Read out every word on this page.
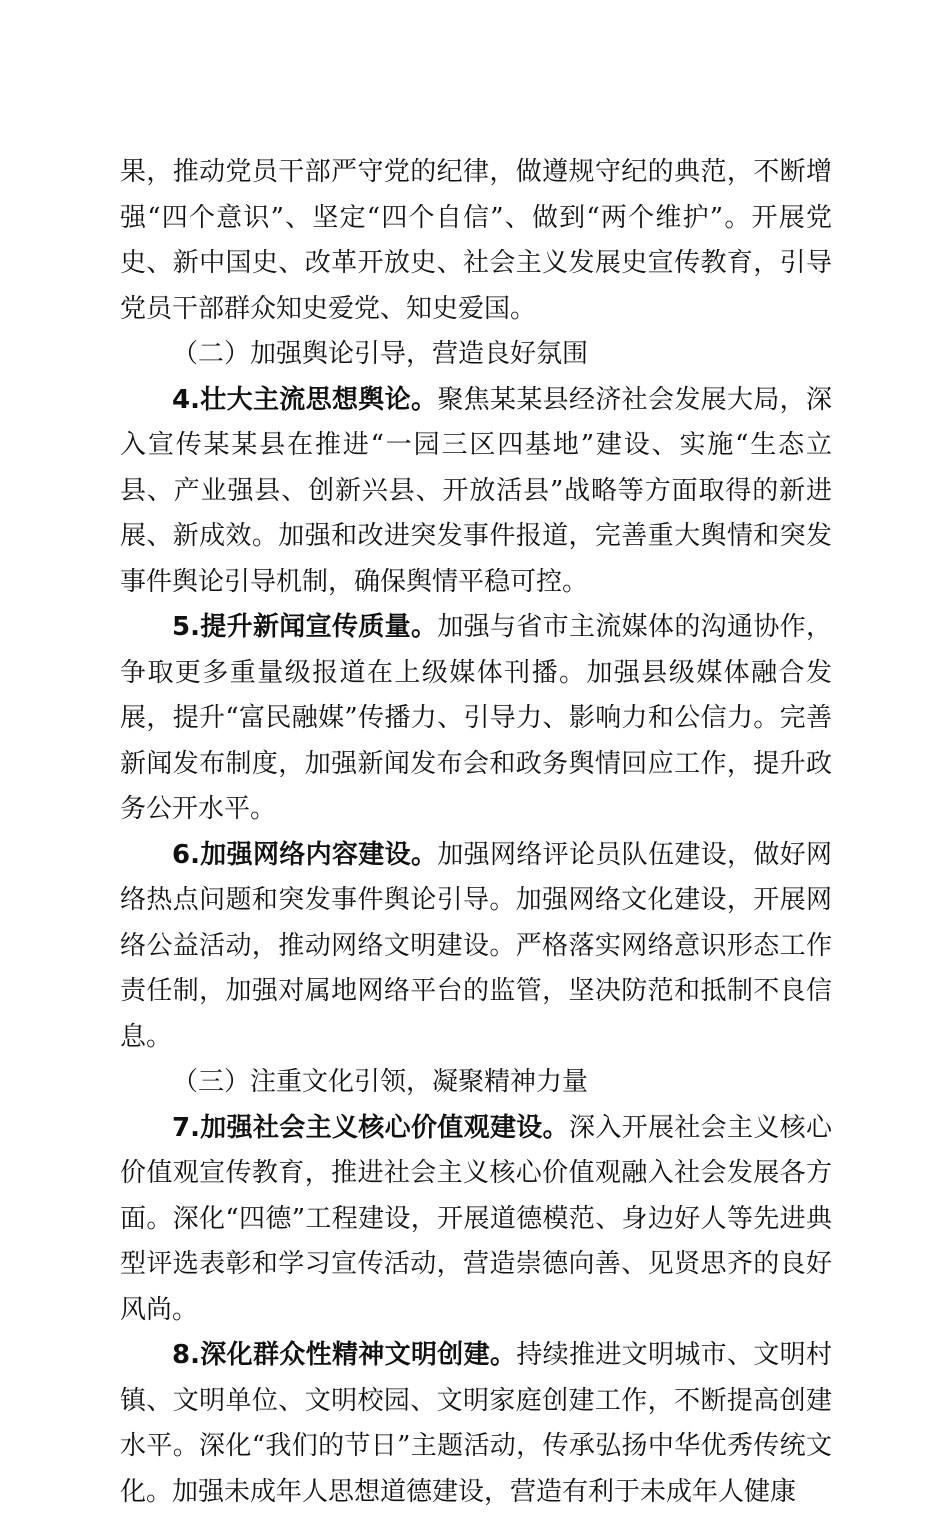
果，推动党员干部严守党的纪律，做遵规守纪的典范，不断增强“四个意识”、坚定“四个自信”、做到“两个维护”。开展党史、新中国史、改革开放史、社会主义发展史宣传教育，引导党员干部群众知史爱党、知史爱国。

（二）加强舆论引导，营造良好氛围

4.壮大主流思想舆论。聚焦某某县经济社会发展大局，深入宣传某某县在推进“一园三区四基地”建设、实施“生态立县、产业强县、创新兴县、开放活县”战略等方面取得的新进展、新成效。加强和改进突发事件报道，完善重大舆情和突发事件舆论引导机制，确保舆情平稳可控。

5.提升新闻宣传质量。加强与省市主流媒体的沟通协作，争取更多重量级报道在上级媒体刊播。加强县级媒体融合发展，提升“富民融媒”传播力、引导力、影响力和公信力。完善新闻发布制度，加强新闻发布会和政务舆情回应工作，提升政务公开水平。

6.加强网络内容建设。加强网络评论员队伍建设，做好网络热点问题和突发事件舆论引导。加强网络文化建设，开展网络公益活动，推动网络文明建设。严格落实网络意识形态工作责任制，加强对属地网络平台的监管，坚决防范和抵制不良信息。

（三）注重文化引领，凝聚精神力量

7.加强社会主义核心价值观建设。深入开展社会主义核心价值观宣传教育，推进社会主义核心价值观融入社会发展各方面。深化“四德”工程建设，开展道德模范、身边好人等先进典型评选表彰和学习宣传活动，营造崇德向善、见贤思齐的良好风尚。

8.深化群众性精神文明创建。持续推进文明城市、文明村镇、文明单位、文明校园、文明家庭创建工作，不断提高创建水平。深化“我们的节日”主题活动，传承弘扬中华优秀传统文化。加强未成年人思想道德建设，营造有利于未成年人健康
